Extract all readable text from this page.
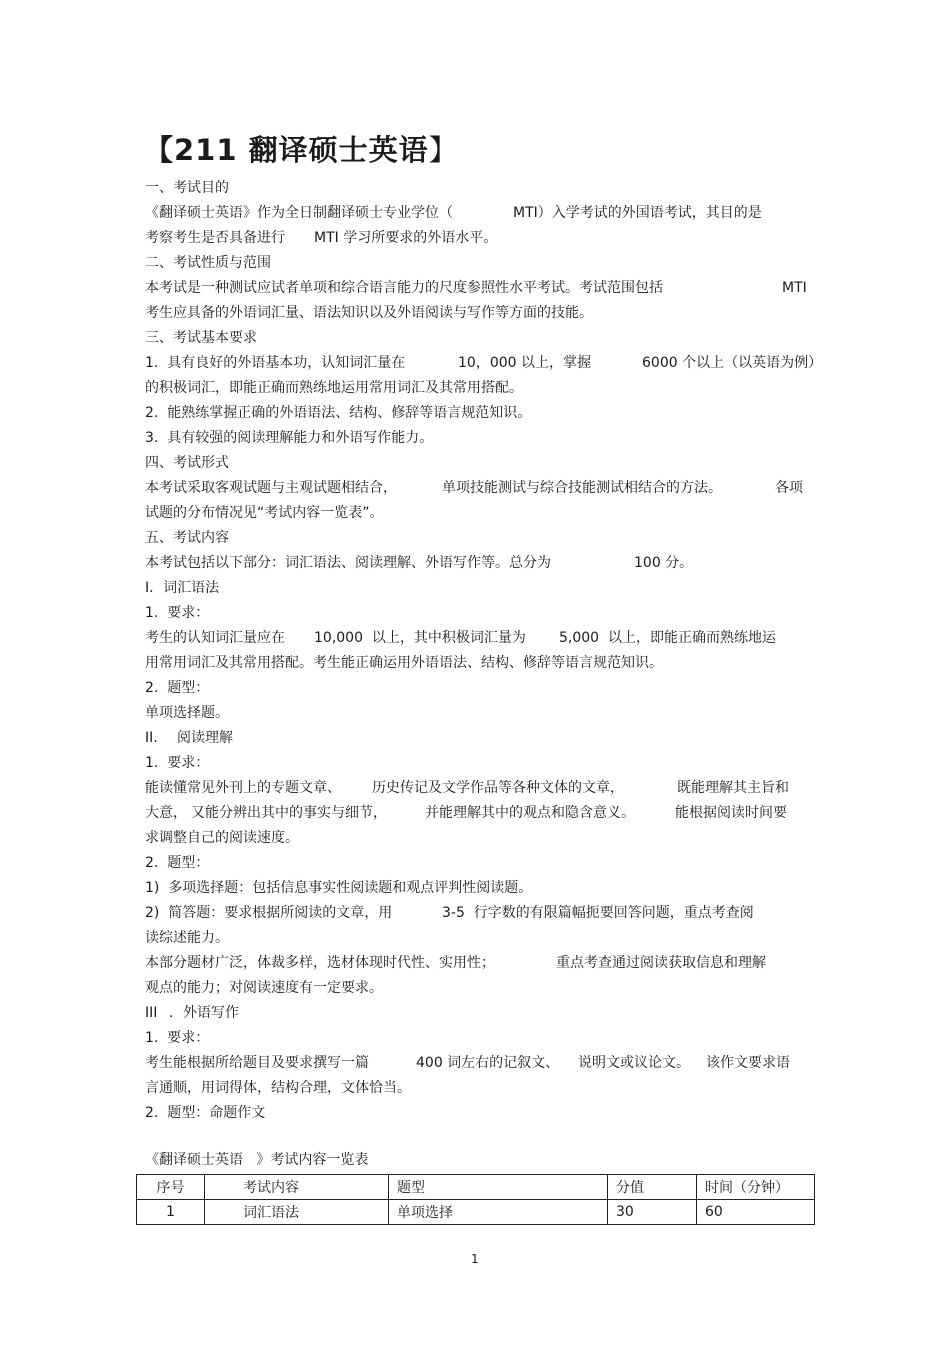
【211 翻译硕士英语】
一、考试目的
《翻译硕士英语》作为全日制翻译硕士专业学位（	MTI）入学考试的外国语考试，其目的是
考察考生是否具备进行 MTI 学习所要求的外语水平。
二、考试性质与范围
本考试是一种测试应试者单项和综合语言能力的尺度参照性水平考试。考试范围包括	MTI
考生应具备的外语词汇量、语法知识以及外语阅读与写作等方面的技能。
三、考试基本要求
1.  具有良好的外语基本功，认知词汇量在	10，000 以上，掌握	6000 个以上（以英语为例）
的积极词汇，即能正确而熟练地运用常用词汇及其常用搭配。
2.  能熟练掌握正确的外语语法、结构、修辞等语言规范知识。
3.  具有较强的阅读理解能力和外语写作能力。
四、考试形式
本考试采取客观试题与主观试题相结合，	单项技能测试与综合技能测试相结合的方法。	各项
试题的分布情况见“考试内容一览表”。
五、考试内容
本考试包括以下部分：词汇语法、阅读理解、外语写作等。总分为	100 分。
I．词汇语法
1.  要求：
考生的认知词汇量应在 10,000  以上，其中积极词汇量为 5,000  以上，即能正确而熟练地运
用常用词汇及其常用搭配。考生能正确运用外语语法、结构、修辞等语言规范知识。
2.  题型：
单项选择题。
II. 阅读理解
1.  要求：
能读懂常见外刊上的专题文章、 历史传记及文学作品等各种文体的文章，	既能理解其主旨和
大意， 又能分辨出其中的事实与细节，	并能理解其中的观点和隐含意义。	能根据阅读时间要
求调整自己的阅读速度。
2.  题型：
1)  多项选择题：包括信息事实性阅读题和观点评判性阅读题。
2)  简答题：要求根据所阅读的文章，用	3-5  行字数的有限篇幅扼要回答问题，重点考查阅
读综述能力。
本部分题材广泛，体裁多样，选材体现时代性、实用性；	重点考查通过阅读获取信息和理解
观点的能力；对阅读速度有一定要求。
III ．外语写作
1.  要求：
考生能根据所给题目及要求撰写一篇	400 词左右的记叙文、 说明文或议论文。 该作文要求语
言通顺，用词得体，结构合理，文体恰当。
2.  题型：命题作文
《翻译硕士英语   》考试内容一览表
序号	考试内容	题型	分值	时间（分钟）
1	词汇语法	单项选择	30	60
1
